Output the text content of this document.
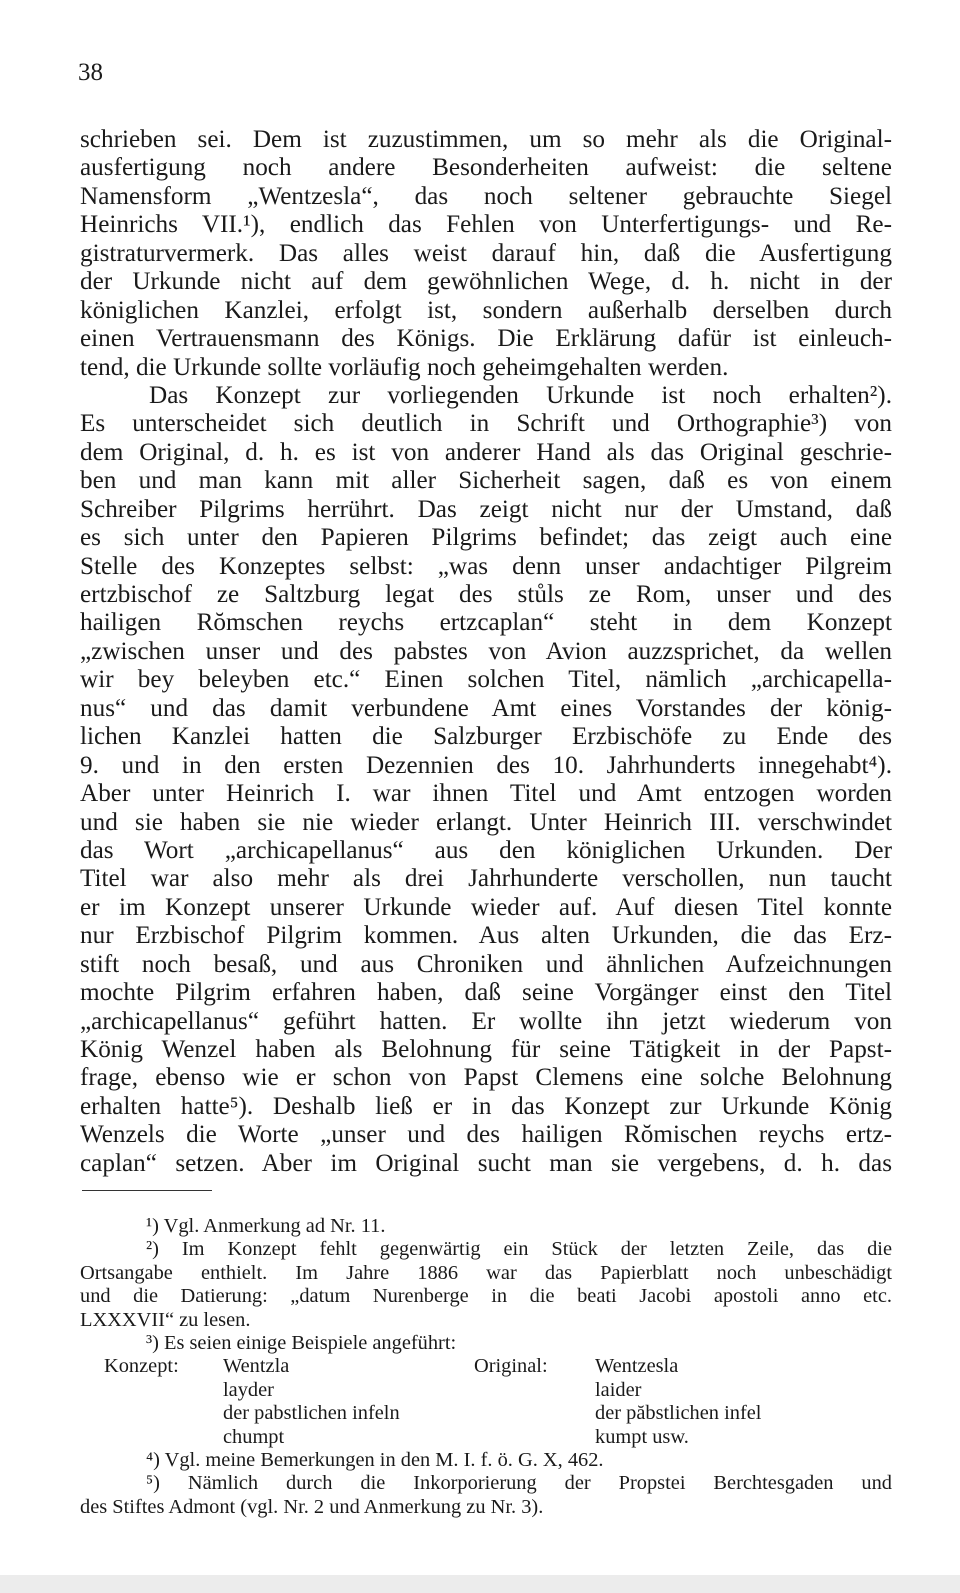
38
schrieben sei. Dem ist zuzustimmen, um so mehr als die Original-
ausfertigung noch andere Besonderheiten aufweist: die seltene
Namensform „Wentzesla“, das noch seltener gebrauchte Siegel
Heinrichs VII.¹), endlich das Fehlen von Unterfertigungs- und Re-
gistraturvermerk. Das alles weist darauf hin, daß die Ausfertigung
der Urkunde nicht auf dem gewöhnlichen Wege, d. h. nicht in der
königlichen Kanzlei, erfolgt ist, sondern außerhalb derselben durch
einen Vertrauensmann des Königs. Die Erklärung dafür ist einleuch-
tend, die Urkunde sollte vorläufig noch geheimgehalten werden.
Das Konzept zur vorliegenden Urkunde ist noch erhalten²).
Es unterscheidet sich deutlich in Schrift und Orthographie³) von
dem Original, d. h. es ist von anderer Hand als das Original geschrie-
ben und man kann mit aller Sicherheit sagen, daß es von einem
Schreiber Pilgrims herrührt. Das zeigt nicht nur der Umstand, daß
es sich unter den Papieren Pilgrims befindet; das zeigt auch eine
Stelle des Konzeptes selbst: „was denn unser andachtiger Pilgreim
ertzbischof ze Saltzburg legat des stůls ze Rom, unser und des
hailigen Rŏmschen reychs ertzcaplan“ steht in dem Konzept
„zwischen unser und des pabstes von Avion auzzsprichet, da wellen
wir bey beleyben etc.“ Einen solchen Titel, nämlich „archicapella-
nus“ und das damit verbundene Amt eines Vorstandes der könig-
lichen Kanzlei hatten die Salzburger Erzbischöfe zu Ende des
9. und in den ersten Dezennien des 10. Jahrhunderts innegehabt⁴).
Aber unter Heinrich I. war ihnen Titel und Amt entzogen worden
und sie haben sie nie wieder erlangt. Unter Heinrich III. verschwindet
das Wort „archicapellanus“ aus den königlichen Urkunden. Der
Titel war also mehr als drei Jahrhunderte verschollen, nun taucht
er im Konzept unserer Urkunde wieder auf. Auf diesen Titel konnte
nur Erzbischof Pilgrim kommen. Aus alten Urkunden, die das Erz-
stift noch besaß, und aus Chroniken und ähnlichen Aufzeichnungen
mochte Pilgrim erfahren haben, daß seine Vorgänger einst den Titel
„archicapellanus“ geführt hatten. Er wollte ihn jetzt wiederum von
König Wenzel haben als Belohnung für seine Tätigkeit in der Papst-
frage, ebenso wie er schon von Papst Clemens eine solche Belohnung
erhalten hatte⁵). Deshalb ließ er in das Konzept zur Urkunde König
Wenzels die Worte „unser und des hailigen Rŏmischen reychs ertz-
caplan“ setzen. Aber im Original sucht man sie vergebens, d. h. das
¹) Vgl. Anmerkung ad Nr. 11.
²) Im Konzept fehlt gegenwärtig ein Stück der letzten Zeile, das die
Ortsangabe enthielt. Im Jahre 1886 war das Papierblatt noch unbeschädigt
und die Datierung: „datum Nurenberge in die beati Jacobi apostoli anno etc.
LXXXVII“ zu lesen.
³) Es seien einige Beispiele angeführt:
Konzept: Wentzla	Original: Wentzesla
layder	laider
der pabstlichen infeln	der păbstlichen infel
chumpt	kumpt usw.
⁴) Vgl. meine Bemerkungen in den M. I. f. ö. G. X, 462.
⁵) Nämlich durch die Inkorporierung der Propstei Berchtesgaden und
des Stiftes Admont (vgl. Nr. 2 und Anmerkung zu Nr. 3).
